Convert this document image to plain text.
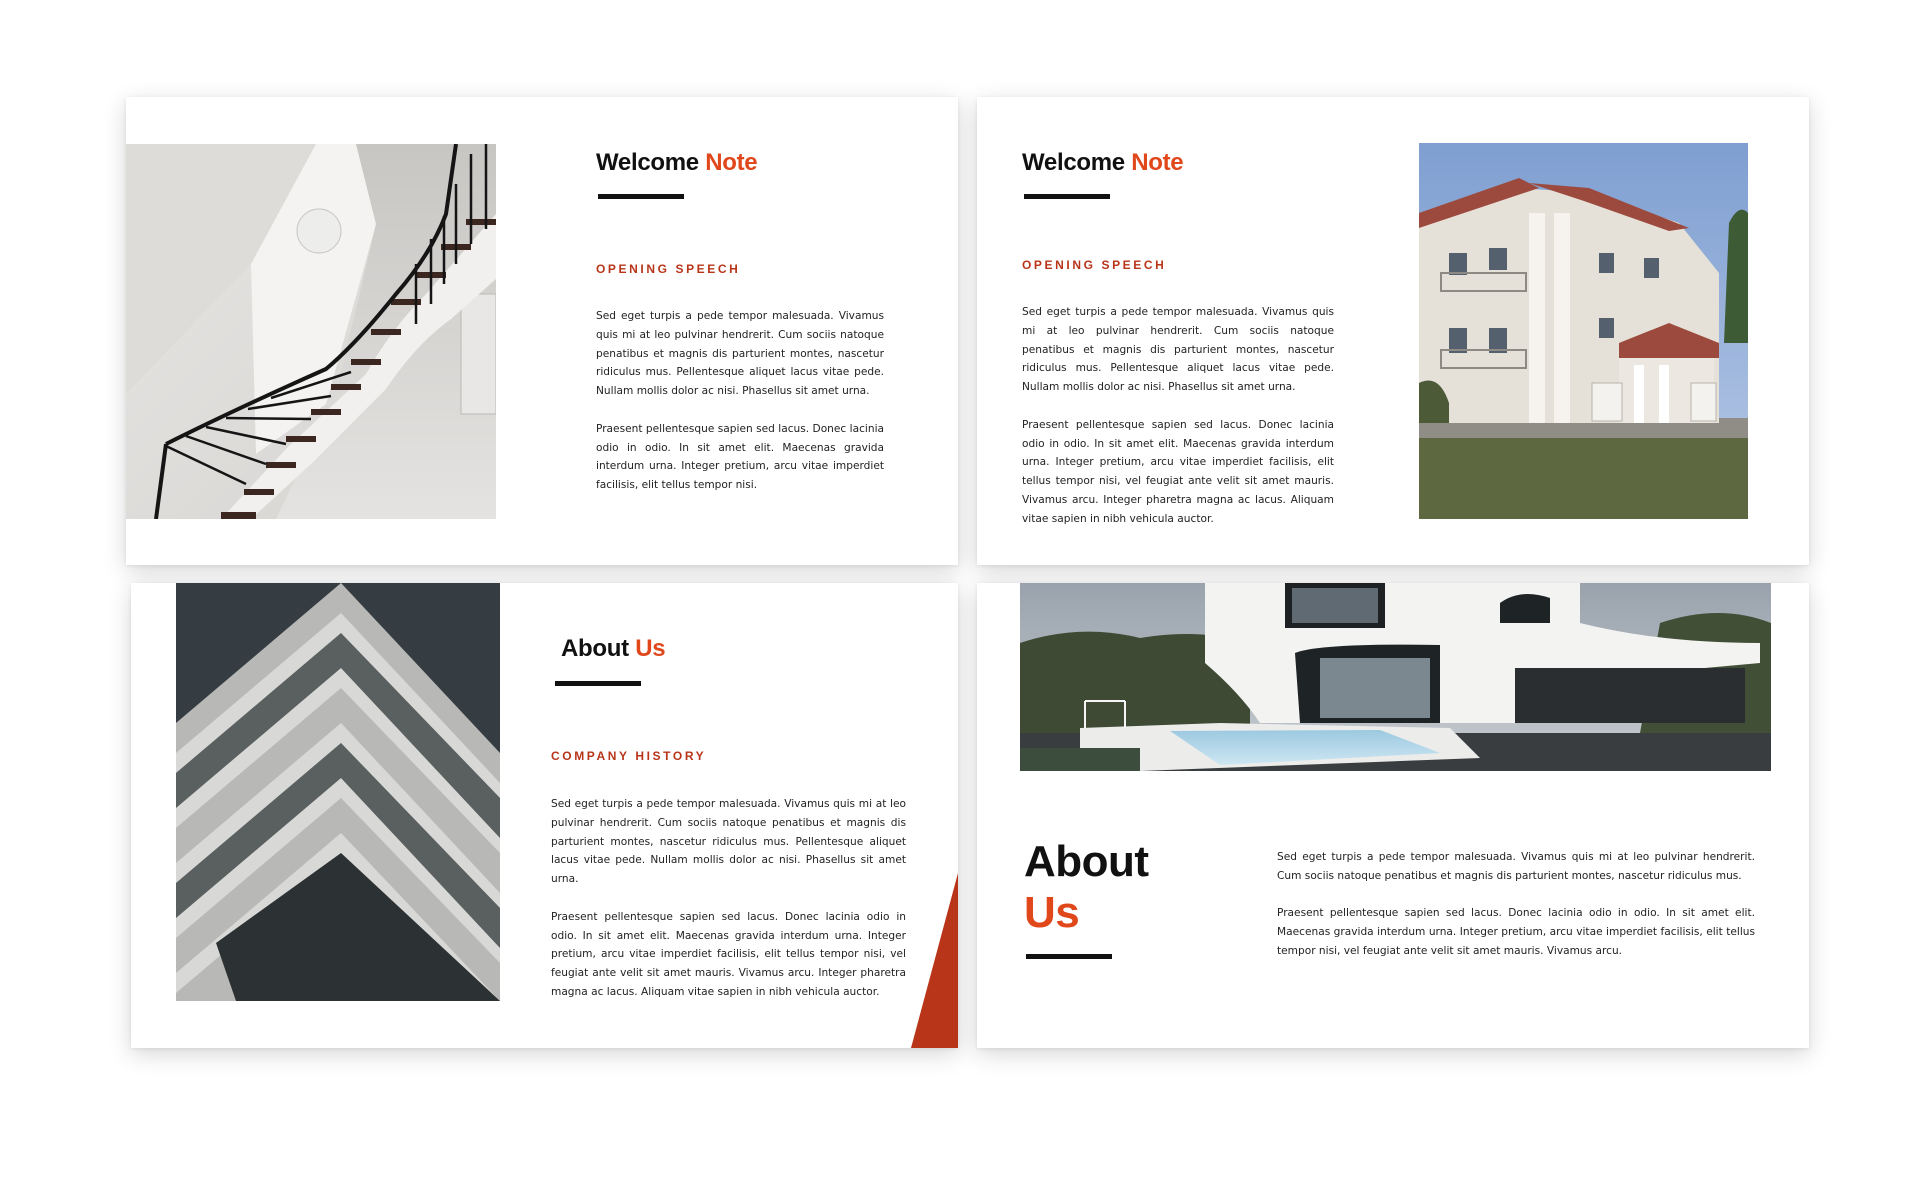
Welcome Note

OPENING SPEECH

Sed eget turpis a pede tempor malesuada. Vivamus quis mi at leo pulvinar hendrerit. Cum sociis natoque penatibus et magnis dis parturient montes, nascetur ridiculus mus. Pellentesque aliquet lacus vitae pede. Nullam mollis dolor ac nisi. Phasellus sit amet urna.

Praesent pellentesque sapien sed lacus. Donec lacinia odio in odio. In sit amet elit. Maecenas gravida interdum urna. Integer pretium, arcu vitae imperdiet facilisis, elit tellus tempor nisi.

Welcome Note

OPENING SPEECH

Sed eget turpis a pede tempor malesuada. Vivamus quis mi at leo pulvinar hendrerit. Cum sociis natoque penatibus et magnis dis parturient montes, nascetur ridiculus mus. Pellentesque aliquet lacus vitae pede. Nullam mollis dolor ac nisi. Phasellus sit amet urna.

Praesent pellentesque sapien sed lacus. Donec lacinia odio in odio. In sit amet elit. Maecenas gravida interdum urna. Integer pretium, arcu vitae imperdiet facilisis, elit tellus tempor nisi, vel feugiat ante velit sit amet mauris. Vivamus arcu. Integer pharetra magna ac lacus. Aliquam vitae sapien in nibh vehicula auctor.

About Us

COMPANY HISTORY

Sed eget turpis a pede tempor malesuada. Vivamus quis mi at leo pulvinar hendrerit. Cum sociis natoque penatibus et magnis dis parturient montes, nascetur ridiculus mus. Pellentesque aliquet lacus vitae pede. Nullam mollis dolor ac nisi. Phasellus sit amet urna.

Praesent pellentesque sapien sed lacus. Donec lacinia odio in odio. In sit amet elit. Maecenas gravida interdum urna. Integer pretium, arcu vitae imperdiet facilisis, elit tellus tempor nisi, vel feugiat ante velit sit amet mauris. Vivamus arcu. Integer pharetra magna ac lacus. Aliquam vitae sapien in nibh vehicula auctor.

About
Us

Sed eget turpis a pede tempor malesuada. Vivamus quis mi at leo pulvinar hendrerit. Cum sociis natoque penatibus et magnis dis parturient montes, nascetur ridiculus mus.

Praesent pellentesque sapien sed lacus. Donec lacinia odio in odio. In sit amet elit. Maecenas gravida interdum urna. Integer pretium, arcu vitae imperdiet facilisis, elit tellus tempor nisi, vel feugiat ante velit sit amet mauris. Vivamus arcu.
